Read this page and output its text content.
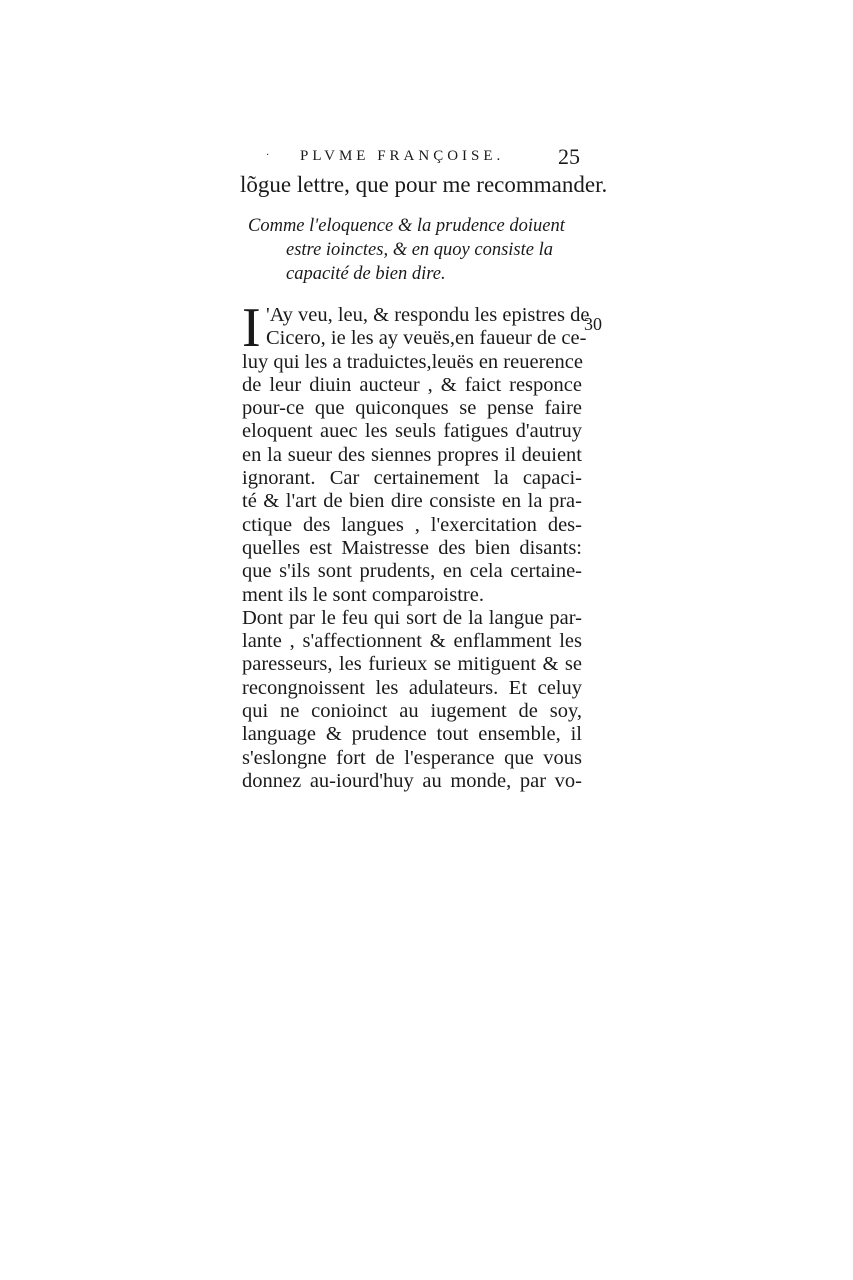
· PLVME FRANÇOISE. 25
lõgue lettre, que pour me recommander.
Comme l'eloquence & la prudence doiuent
estre ioinctes, & en quoy consiste la
capacité de bien dire.
I	30
'Ay veu, leu, & respondu les epistres de
Cicero, ie les ay veuës,en faueur de ce-
luy qui les a traduictes,leuës en reuerence
de leur diuin aucteur , & faict responce
pour-ce que quiconques se pense faire
eloquent auec les seuls fatigues d'autruy
en la sueur des siennes propres il deuient
ignorant. Car certainement la capaci-
té & l'art de bien dire consiste en la pra-
ctique des langues , l'exercitation des-
quelles est Maistresse des bien disants:
que s'ils sont prudents, en cela certaine-
ment ils le sont comparoistre.
Dont par le feu qui sort de la langue par-
lante , s'affectionnent & enflamment les
paresseurs, les furieux se mitiguent & se
recongnoissent les adulateurs. Et celuy
qui ne conioinct au iugement de soy,
language & prudence tout ensemble, il
s'eslongne fort de l'esperance que vous
donnez au-iourd'huy au monde, par vo-
